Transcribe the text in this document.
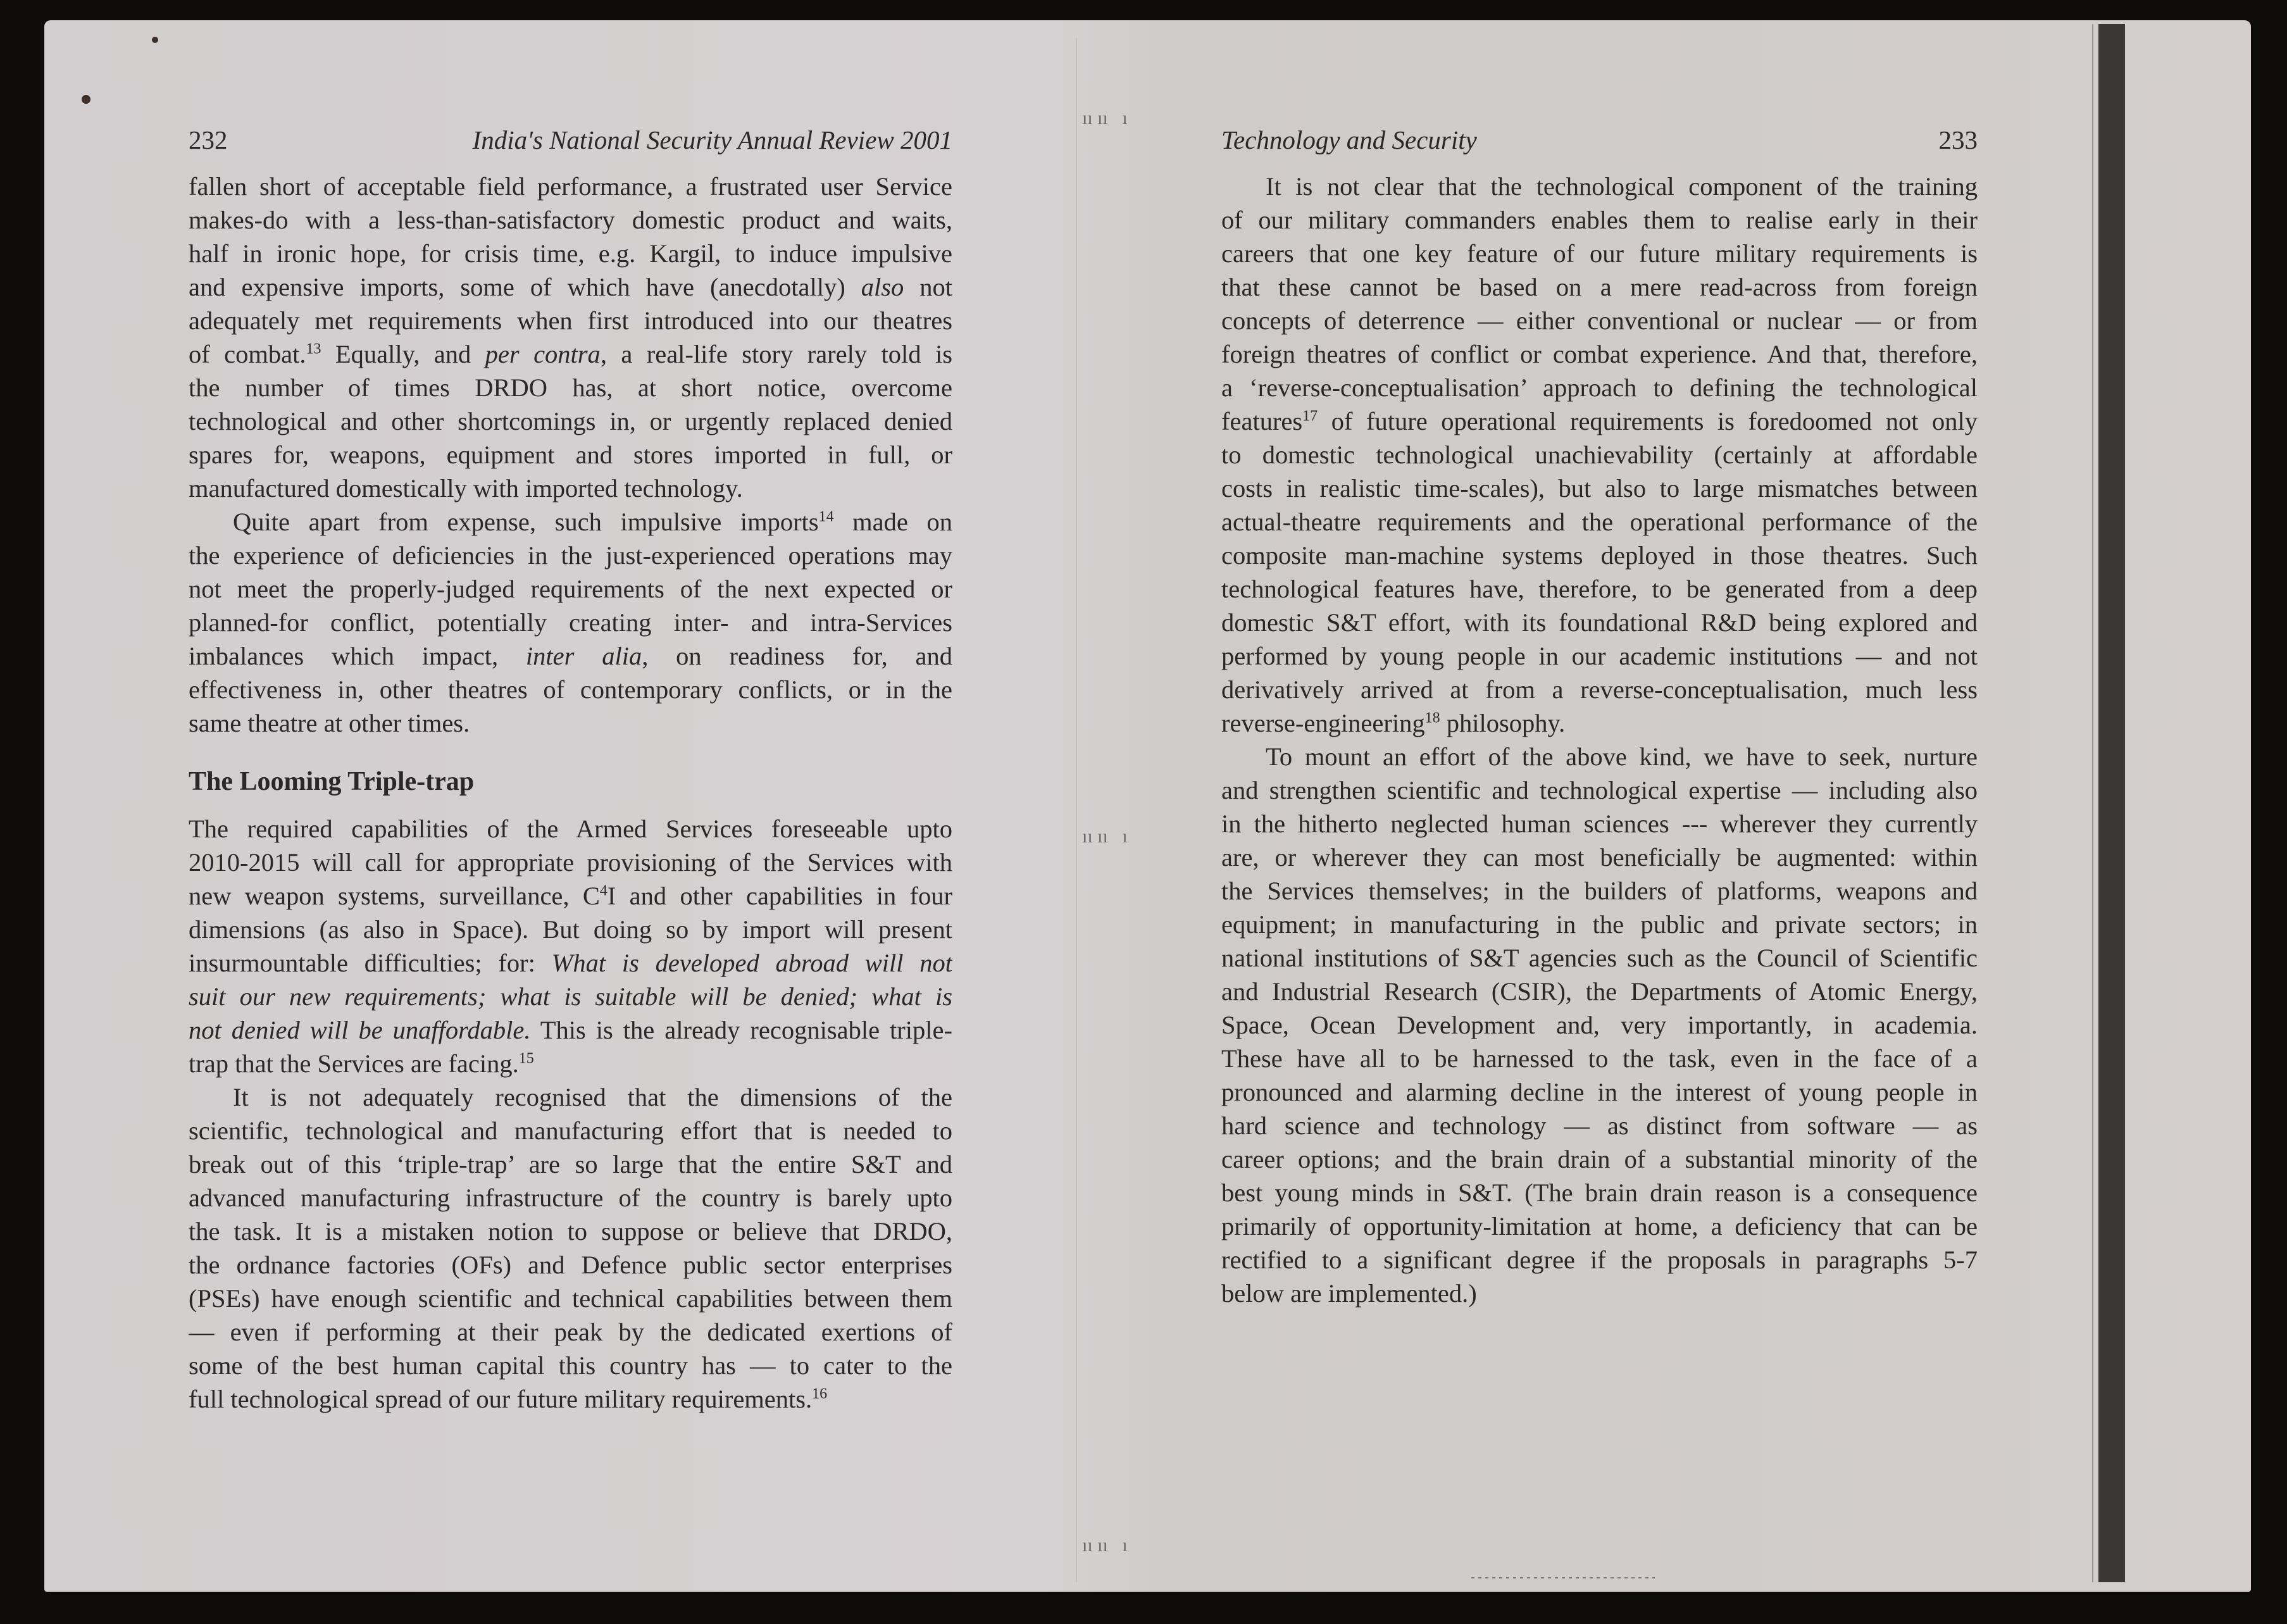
ıı ıı   ı
ıı ıı   ı
ıı ıı   ı
232	India's National Security Annual Review 2001
fallen short of acceptable field performance, a frustrated user Service
makes-do with a less-than-satisfactory domestic product and waits,
half in ironic hope, for crisis time, e.g. Kargil, to induce impulsive
and expensive imports, some of which have (anecdotally) also not
adequately met requirements when first introduced into our theatres
of combat.$^{13}$ Equally, and per contra, a real-life story rarely told is
the number of times DRDO has, at short notice, overcome
technological and other shortcomings in, or urgently replaced denied
spares for, weapons, equipment and stores imported in full, or
manufactured domestically with imported technology.
Quite apart from expense, such impulsive imports$^{14}$ made on
the experience of deficiencies in the just-experienced operations may
not meet the properly-judged requirements of the next expected or
planned-for conflict, potentially creating inter- and intra-Services
imbalances which impact, inter alia, on readiness for, and
effectiveness in, other theatres of contemporary conflicts, or in the
same theatre at other times.
The Looming Triple-trap
The required capabilities of the Armed Services foreseeable upto
2010-2015 will call for appropriate provisioning of the Services with
new weapon systems, surveillance, $C^4I$ and other capabilities in four
dimensions (as also in Space). But doing so by import will present
insurmountable difficulties; for: What is developed abroad will not
suit our new requirements; what is suitable will be denied; what is
not denied will be unaffordable. This is the already recognisable triple-
trap that the Services are facing.$^{15}$
It is not adequately recognised that the dimensions of the
scientific, technological and manufacturing effort that is needed to
break out of this ‘triple-trap’ are so large that the entire S&T and
advanced manufacturing infrastructure of the country is barely upto
the task. It is a mistaken notion to suppose or believe that DRDO,
the ordnance factories (OFs) and Defence public sector enterprises
(PSEs) have enough scientific and technical capabilities between them
— even if performing at their peak by the dedicated exertions of
some of the best human capital this country has — to cater to the
full technological spread of our future military requirements.$^{16}$
Technology and Security	233
It is not clear that the technological component of the training
of our military commanders enables them to realise early in their
careers that one key feature of our future military requirements is
that these cannot be based on a mere read-across from foreign
concepts of deterrence — either conventional or nuclear — or from
foreign theatres of conflict or combat experience. And that, therefore,
a ‘reverse-conceptualisation’ approach to defining the technological
features$^{17}$ of future operational requirements is foredoomed not only
to domestic technological unachievability (certainly at affordable
costs in realistic time-scales), but also to large mismatches between
actual-theatre requirements and the operational performance of the
composite man-machine systems deployed in those theatres. Such
technological features have, therefore, to be generated from a deep
domestic S&T effort, with its foundational R&D being explored and
performed by young people in our academic institutions — and not
derivatively arrived at from a reverse-conceptualisation, much less
reverse-engineering$^{18}$ philosophy.
To mount an effort of the above kind, we have to seek, nurture
and strengthen scientific and technological expertise — including also
in the hitherto neglected human sciences --- wherever they currently
are, or wherever they can most beneficially be augmented: within
the Services themselves; in the builders of platforms, weapons and
equipment; in manufacturing in the public and private sectors; in
national institutions of S&T agencies such as the Council of Scientific
and Industrial Research (CSIR), the Departments of Atomic Energy,
Space, Ocean Development and, very importantly, in academia.
These have all to be harnessed to the task, even in the face of a
pronounced and alarming decline in the interest of young people in
hard science and technology — as distinct from software — as
career options; and the brain drain of a substantial minority of the
best young minds in S&T. (The brain drain reason is a consequence
primarily of opportunity-limitation at home, a deficiency that can be
rectified to a significant degree if the proposals in paragraphs 5-7
below are implemented.)
